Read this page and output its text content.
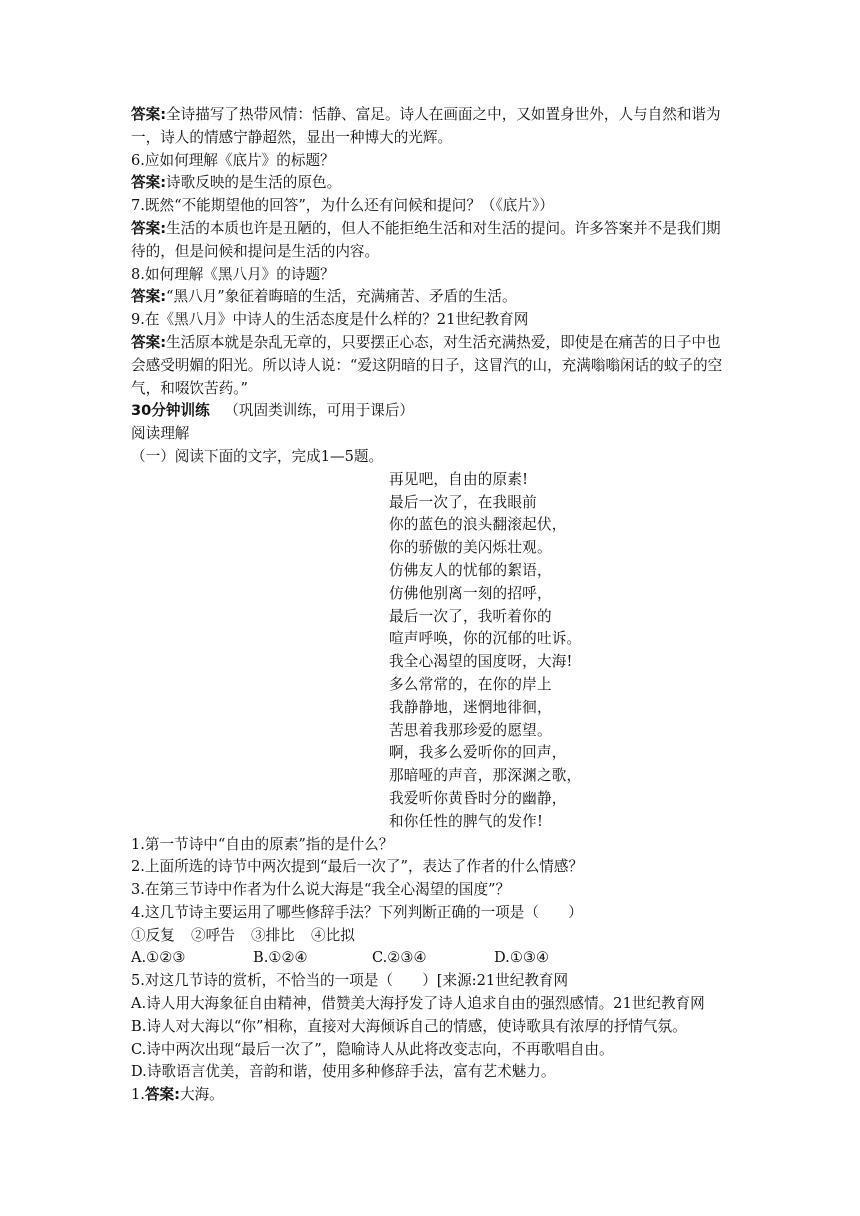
答案:全诗描写了热带风情：恬静、富足。诗人在画面之中，又如置身世外，人与自然和谐为一，诗人的情感宁静超然，显出一种博大的光辉。

6.应如何理解《底片》的标题？

答案:诗歌反映的是生活的原色。

7.既然“不能期望他的回答”，为什么还有问候和提问？（《底片》）

答案:生活的本质也许是丑陋的，但人不能拒绝生活和对生活的提问。许多答案并不是我们期待的，但是问候和提问是生活的内容。

8.如何理解《黑八月》的诗题？

答案:“黑八月”象征着晦暗的生活，充满痛苦、矛盾的生活。

9.在《黑八月》中诗人的生活态度是什么样的？21世纪教育网

答案:生活原本就是杂乱无章的，只要摆正心态，对生活充满热爱，即使是在痛苦的日子中也会感受明媚的阳光。所以诗人说：“爱这阴暗的日子，这冒汽的山，充满嗡嗡闲话的蚊子的空气，和啜饮苦药。”

30分钟训练  （巩固类训练，可用于课后）

阅读理解

（一）阅读下面的文字，完成1—5题。

再见吧，自由的原素!

最后一次了，在我眼前

你的蓝色的浪头翻滚起伏，

你的骄傲的美闪烁壮观。

仿佛友人的忧郁的絮语，

仿佛他别离一刻的招呼，

最后一次了，我听着你的

喧声呼唤，你的沉郁的吐诉。

我全心渴望的国度呀，大海!

多么常常的，在你的岸上

我静静地，迷惘地徘徊，

苦思着我那珍爱的愿望。

啊，我多么爱听你的回声，

那暗哑的声音，那深渊之歌，

我爱听你黄昏时分的幽静，

和你任性的脾气的发作!

1.第一节诗中“自由的原素”指的是什么？

2.上面所选的诗节中两次提到“最后一次了”，表达了作者的什么情感？

3.在第三节诗中作者为什么说大海是“我全心渴望的国度”？

4.这几节诗主要运用了哪些修辞手法？下列判断正确的一项是（　　）

①反复 ②呼告 ③排比 ④比拟

A.①②③	B.①②④	C.②③④	D.①③④

5.对这几节诗的赏析，不恰当的一项是（　　）[来源:21世纪教育网

A.诗人用大海象征自由精神，借赞美大海抒发了诗人追求自由的强烈感情。21世纪教育网

B.诗人对大海以“你”相称，直接对大海倾诉自己的情感，使诗歌具有浓厚的抒情气氛。

C.诗中两次出现“最后一次了”，隐喻诗人从此将改变志向，不再歌唱自由。

D.诗歌语言优美，音韵和谐，使用多种修辞手法，富有艺术魅力。

1.答案:大海。
